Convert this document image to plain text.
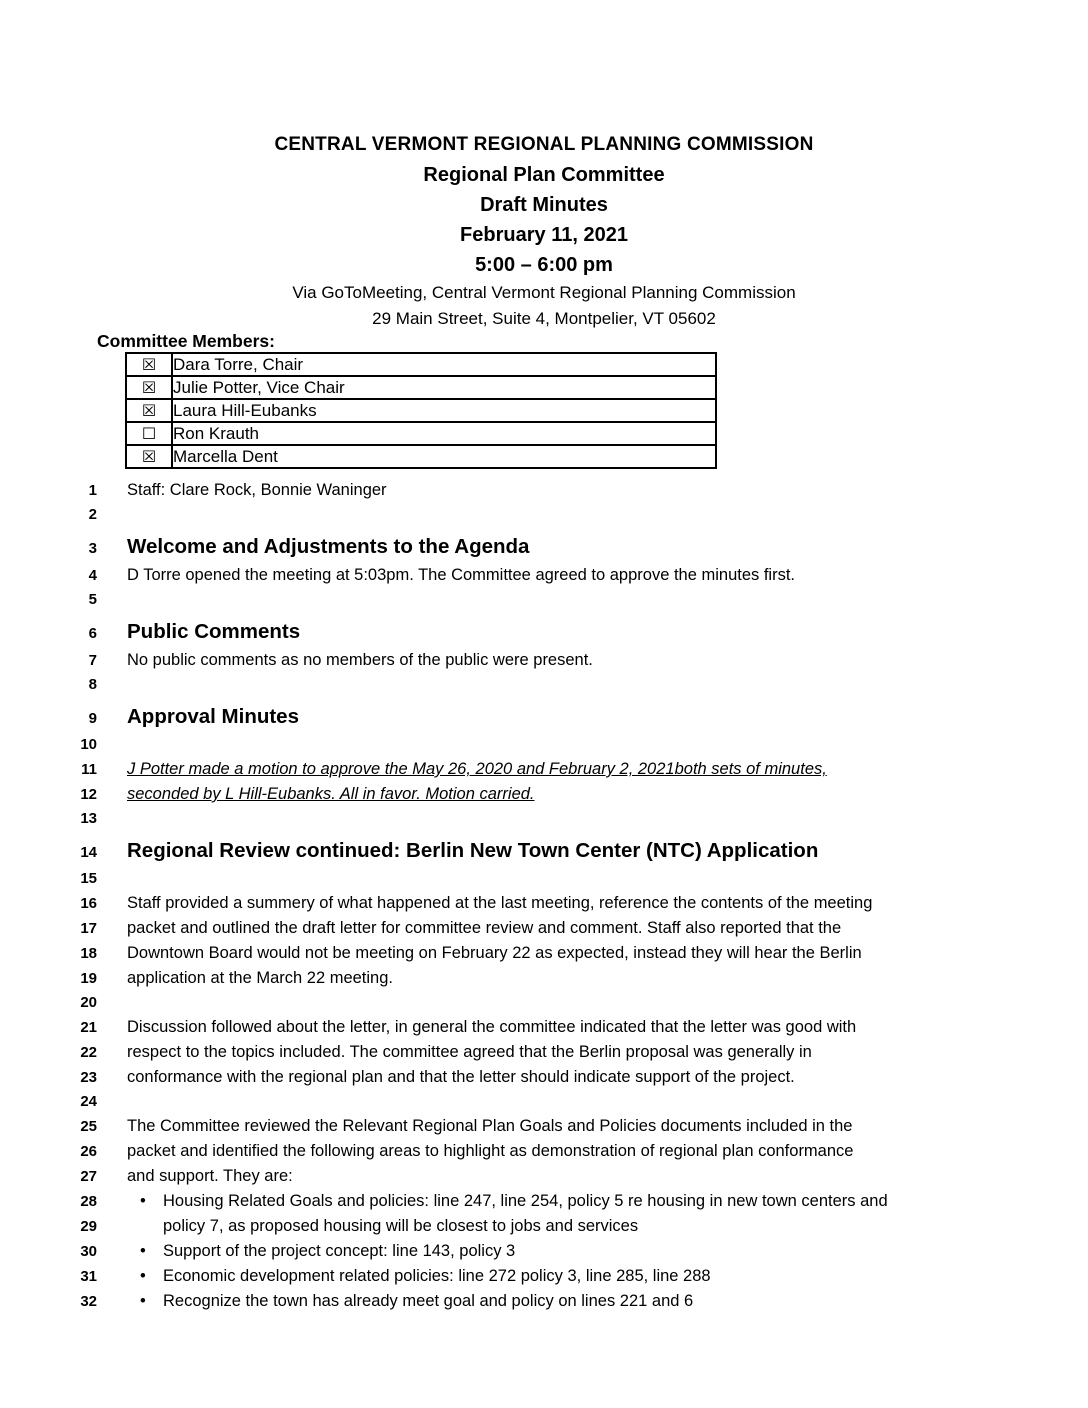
CENTRAL VERMONT REGIONAL PLANNING COMMISSION
Regional Plan Committee
Draft Minutes
February 11, 2021
5:00 – 6:00 pm
Via GoToMeeting, Central Vermont Regional Planning Commission
29 Main Street, Suite 4, Montpelier, VT 05602
Committee Members:
☒	Dara Torre, Chair
☒	Julie Potter, Vice Chair
☒	Laura Hill-Eubanks
☐	Ron Krauth
☒	Marcella Dent
1 Staff: Clare Rock, Bonnie Waninger
2
3 Welcome and Adjustments to the Agenda
4 D Torre opened the meeting at 5:03pm. The Committee agreed to approve the minutes first.
5
6 Public Comments
7 No public comments as no members of the public were present.
8
9 Approval Minutes
10
11 J Potter made a motion to approve the May 26, 2020 and February 2, 2021both sets of minutes,
12 seconded by L Hill-Eubanks. All in favor. Motion carried.
13
14 Regional Review continued: Berlin New Town Center (NTC) Application
15
16 Staff provided a summery of what happened at the last meeting, reference the contents of the meeting
17 packet and outlined the draft letter for committee review and comment. Staff also reported that the
18 Downtown Board would not be meeting on February 22 as expected, instead they will hear the Berlin
19 application at the March 22 meeting.
20
21 Discussion followed about the letter, in general the committee indicated that the letter was good with
22 respect to the topics included. The committee agreed that the Berlin proposal was generally in
23 conformance with the regional plan and that the letter should indicate support of the project.
24
25 The Committee reviewed the Relevant Regional Plan Goals and Policies documents included in the
26 packet and identified the following areas to highlight as demonstration of regional plan conformance
27 and support. They are:
28	• Housing Related Goals and policies: line 247, line 254, policy 5 re housing in new town centers and
29	policy 7, as proposed housing will be closest to jobs and services
30	• Support of the project concept: line 143, policy 3
31	• Economic development related policies: line 272 policy 3, line 285, line 288
32	• Recognize the town has already meet goal and policy on lines 221 and 6
